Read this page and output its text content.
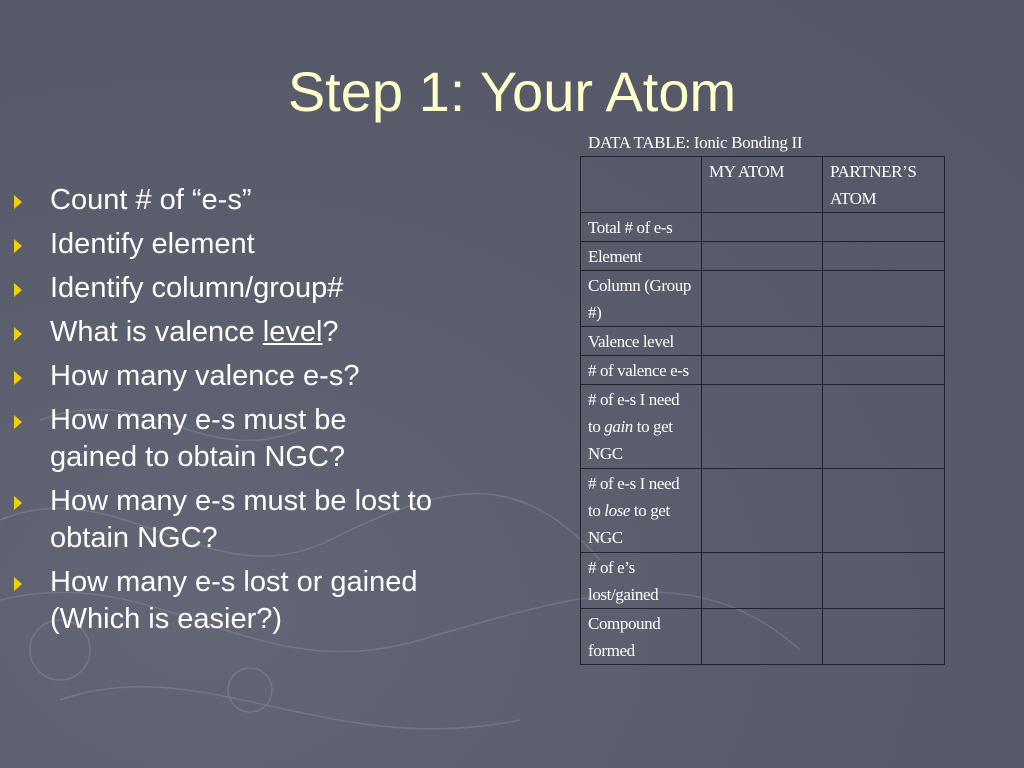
Step 1: Your Atom
Count # of “e-s”
Identify element
Identify column/group#
What is valence level?
How many valence e-s?
How many e-s must be
gained to obtain NGC?
How many e-s must be lost to
obtain NGC?
How many e-s lost or gained
(Which is easier?)
DATA TABLE: Ionic Bonding II
	MY ATOM	PARTNER’S ATOM
Total # of e-s		
Element		
Column (Group #)		
Valence level		
# of valence e-s		
# of e-s I need to gain to get NGC		
# of e-s I need to lose to get NGC		
# of e’s lost/gained		
Compound formed		
